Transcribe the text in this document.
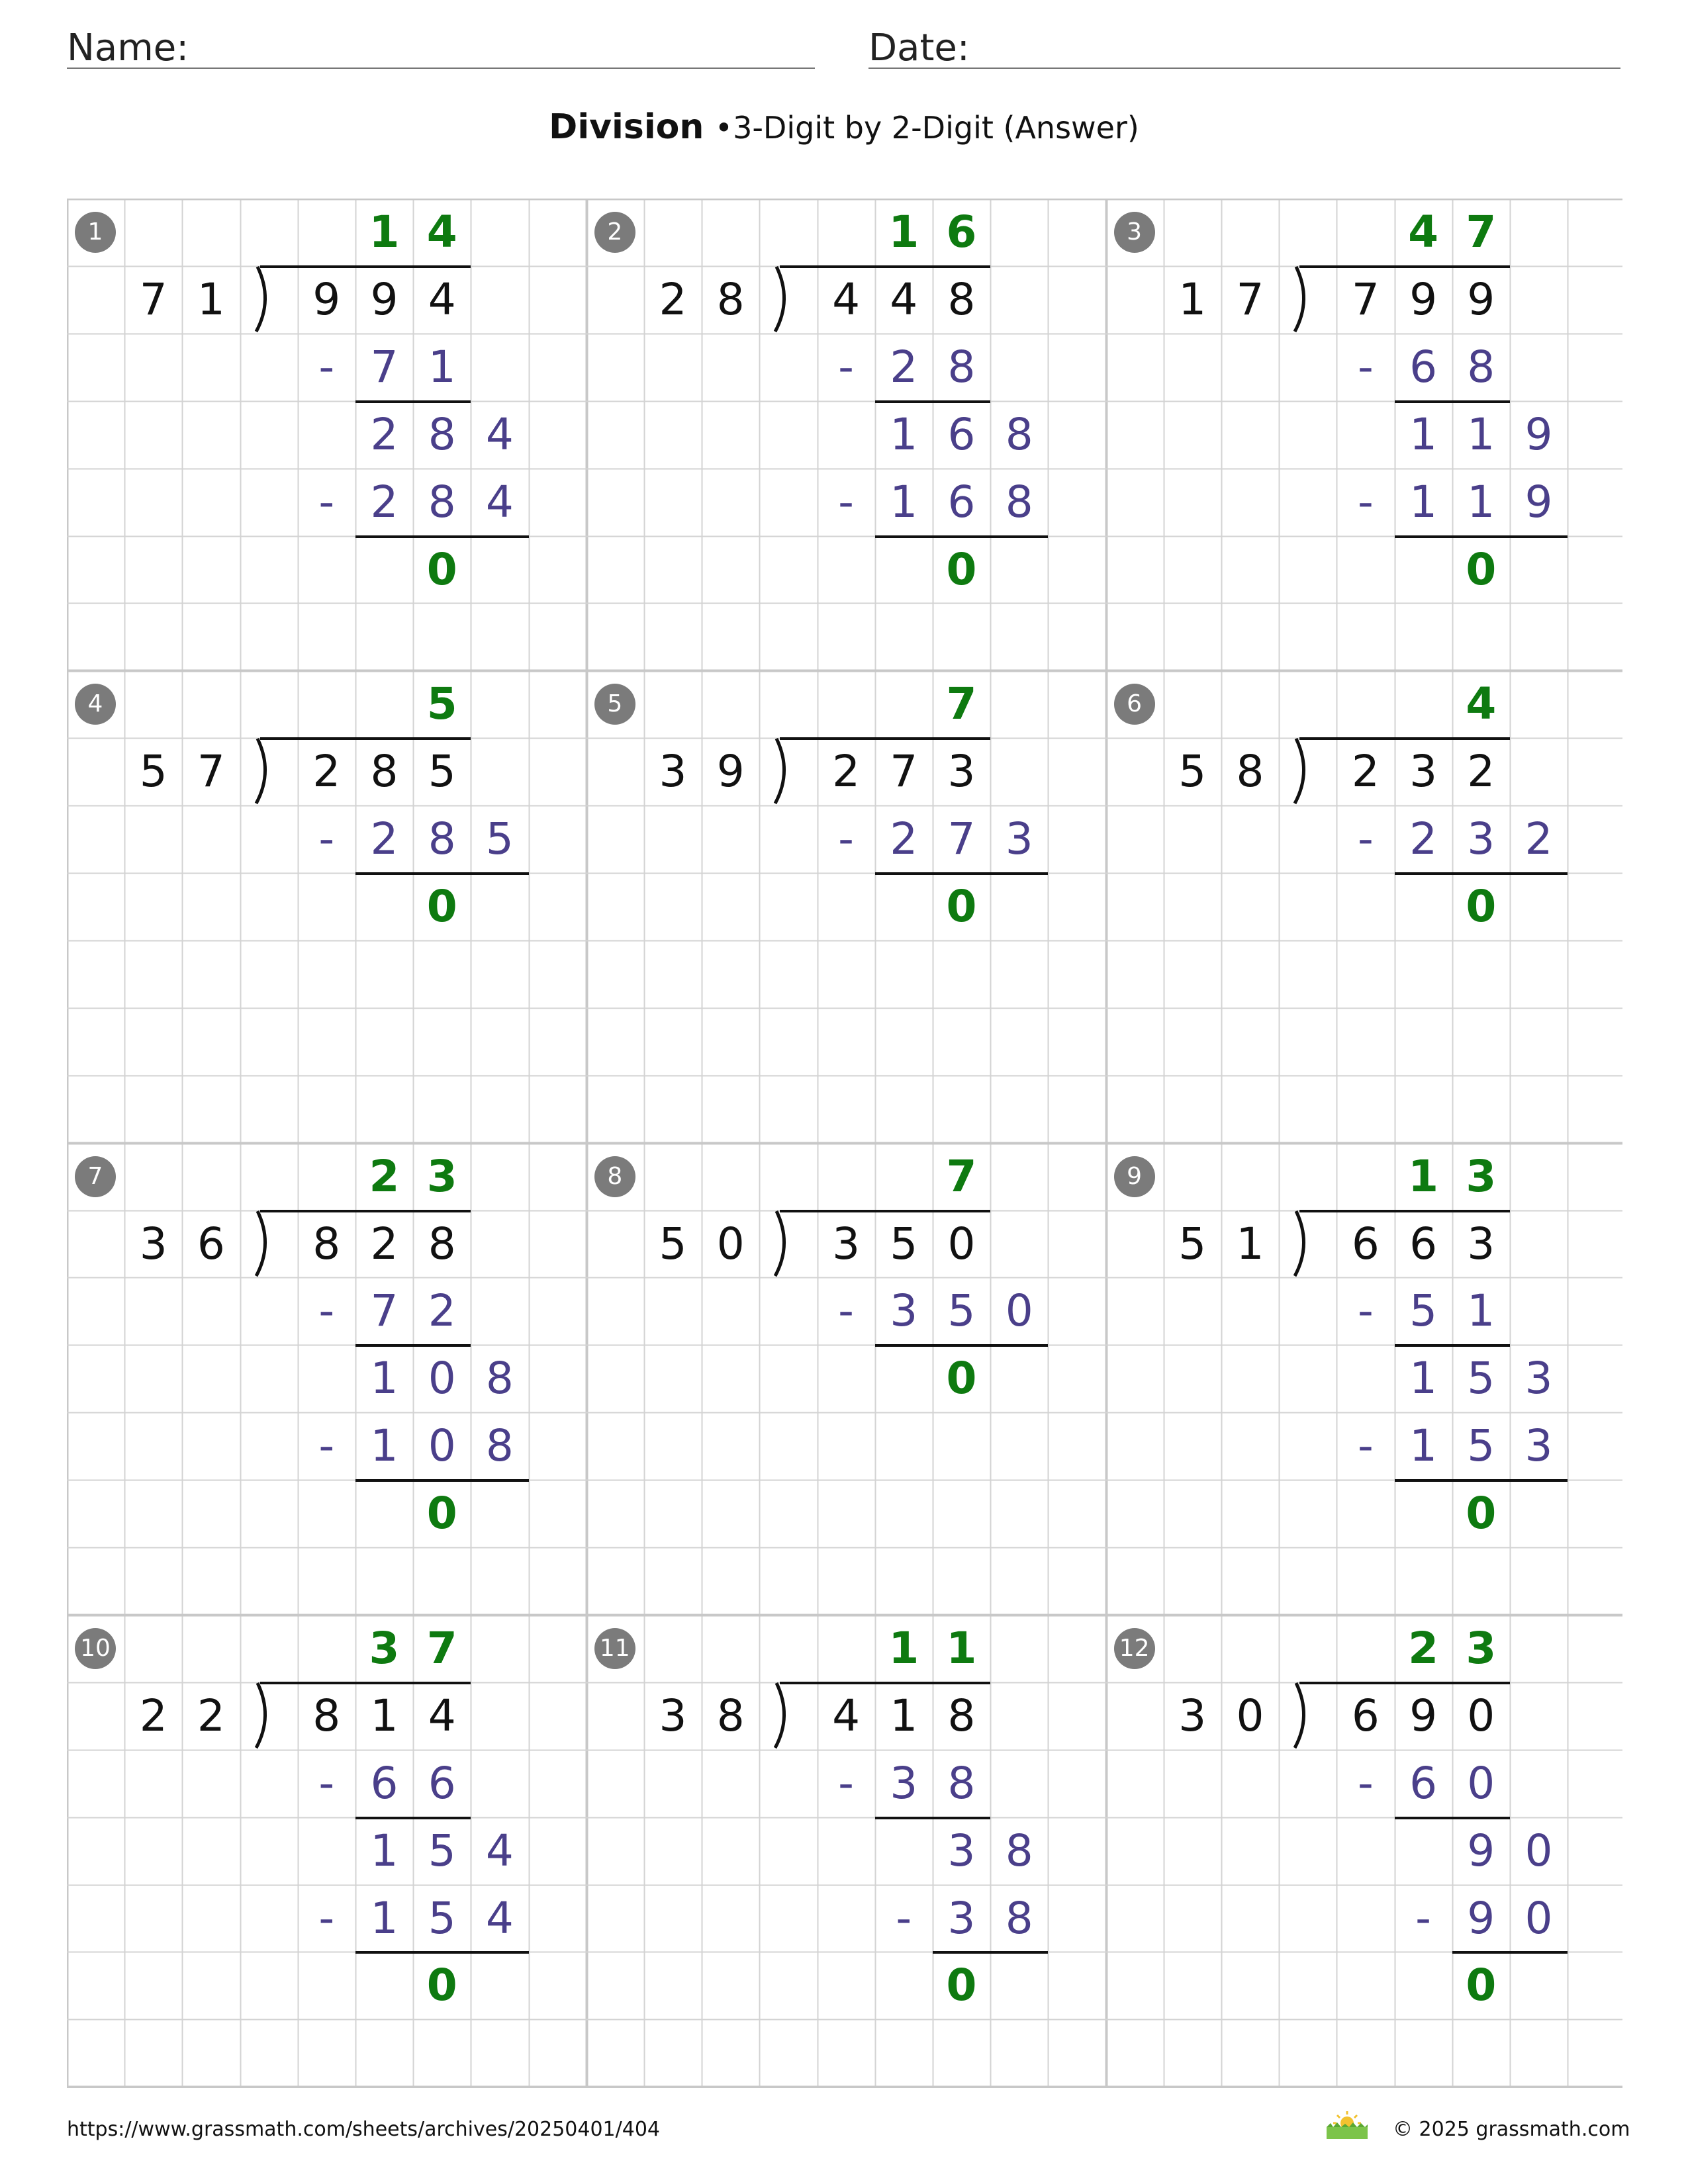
Name:	Date:
Division •3-Digit by 2-Digit (Answer)
1
7 1	9 9 4
1 4
- 7 1
2 8 4
- 2 8 4
0
2
2 8	4 4 8
1 6
- 2 8
1 6 8
- 1 6 8
0
3
1 7	7 9 9
4 7
- 6 8
1 1 9
- 1 1 9
0
4
5 7	2 8 5
5
- 2 8 5
0
5
3 9	2 7 3
7
- 2 7 3
0
6
5 8	2 3 2
4
- 2 3 2
0
7
3 6	8 2 8
2 3
- 7 2
1 0 8
- 1 0 8
0
8
5 0	3 5 0
7
- 3 5 0
0
9
5 1	6 6 3
1 3
- 5 1
1 5 3
- 1 5 3
0
10
2 2	8 1 4
3 7
- 6 6
1 5 4
- 1 5 4
0
11
3 8	4 1 8
1 1
- 3 8
3 8
- 3 8
0
12
3 0	6 9 0
2 3
- 6 0
9 0
- 9 0
0
https://www.grassmath.com/sheets/archives/20250401/404	© 2025 grassmath.com
